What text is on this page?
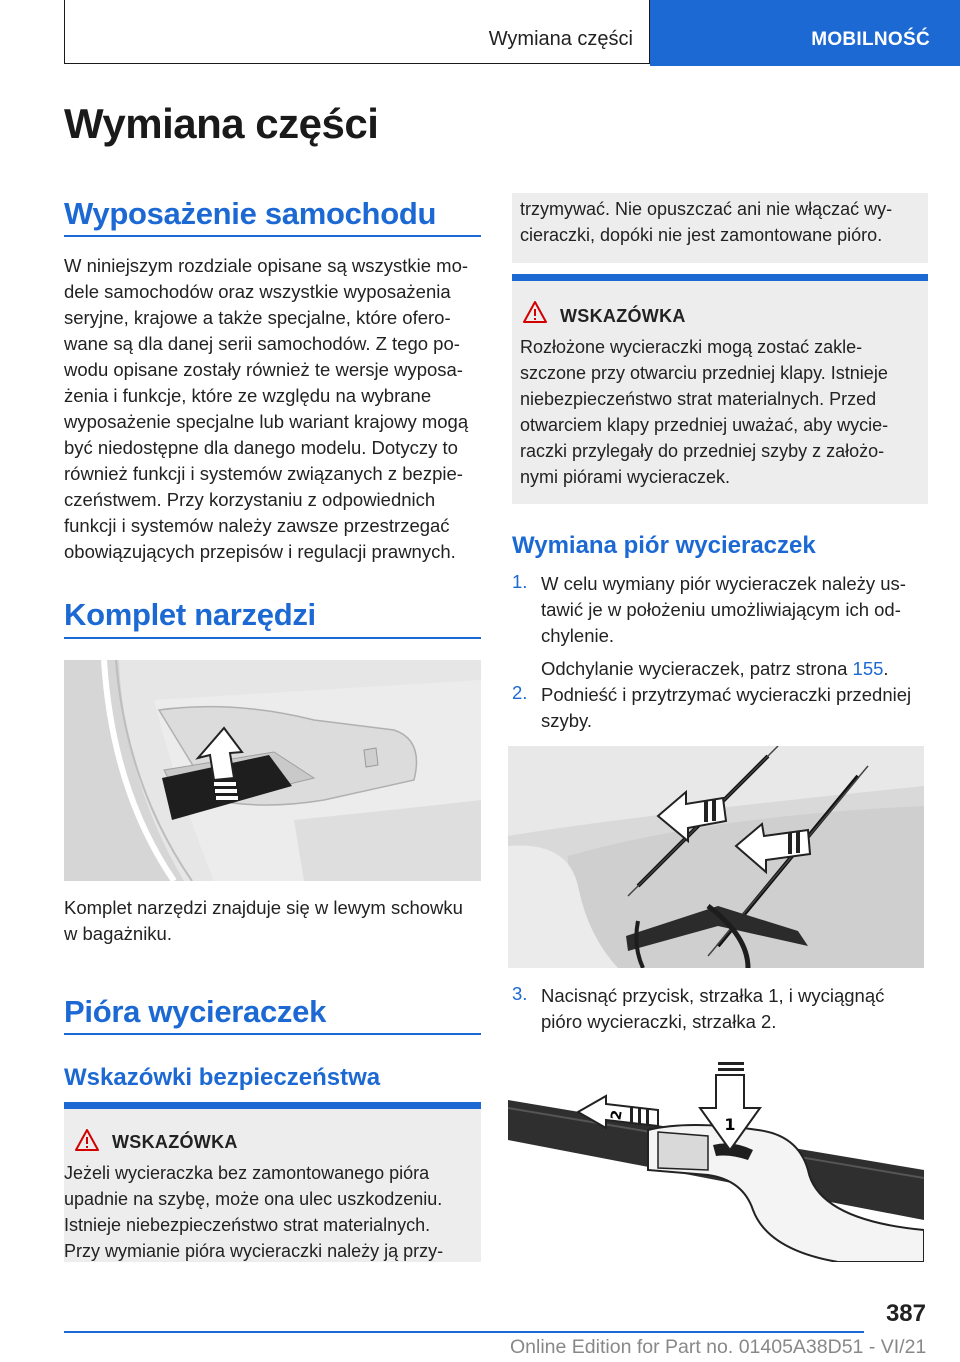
Wymiana części	MOBILNOŚĆ
Wymiana części
Wyposażenie samochodu
W niniejszym rozdziale opisane są wszystkie mo‐
dele samochodów oraz wszystkie wyposażenia
seryjne, krajowe a także specjalne, które ofero‐
wane są dla danej serii samochodów. Z tego po‐
wodu opisane zostały również te wersje wyposa‐
żenia i funkcje, które ze względu na wybrane
wyposażenie specjalne lub wariant krajowy mogą
być niedostępne dla danego modelu. Dotyczy to
również funkcji i systemów związanych z bezpie‐
czeństwem. Przy korzystaniu z odpowiednich
funkcji i systemów należy zawsze przestrzegać
obowiązujących przepisów i regulacji prawnych.
Komplet narzędzi
Komplet narzędzi znajduje się w lewym schowku
w bagażniku.
Pióra wycieraczek
Wskazówki bezpieczeństwa
WSKAZÓWKA
Jeżeli wycieraczka bez zamontowanego pióra
upadnie na szybę, może ona ulec uszkodzeniu.
Istnieje niebezpieczeństwo strat materialnych.
Przy wymianie pióra wycieraczki należy ją przy‐
trzymywać. Nie opuszczać ani nie włączać wy‐
cieraczki, dopóki nie jest zamontowane pióro.
WSKAZÓWKA
Rozłożone wycieraczki mogą zostać zakle‐
szczone przy otwarciu przedniej klapy. Istnieje
niebezpieczeństwo strat materialnych. Przed
otwarciem klapy przedniej uważać, aby wycie‐
raczki przylegały do przedniej szyby z założo‐
nymi piórami wycieraczek.
Wymiana piór wycieraczek
1. W celu wymiany piór wycieraczek należy us‐
tawić je w położeniu umożliwiającym ich od‐
chylenie.
Odchylanie wycieraczek, patrz strona 155.
2. Podnieść i przytrzymać wycieraczki przedniej
szyby.
3. Nacisnąć przycisk, strzałka 1, i wyciągnąć
pióro wycieraczki, strzałka 2.
1
2
387
Online Edition for Part no. 01405A38D51 - VI/21
